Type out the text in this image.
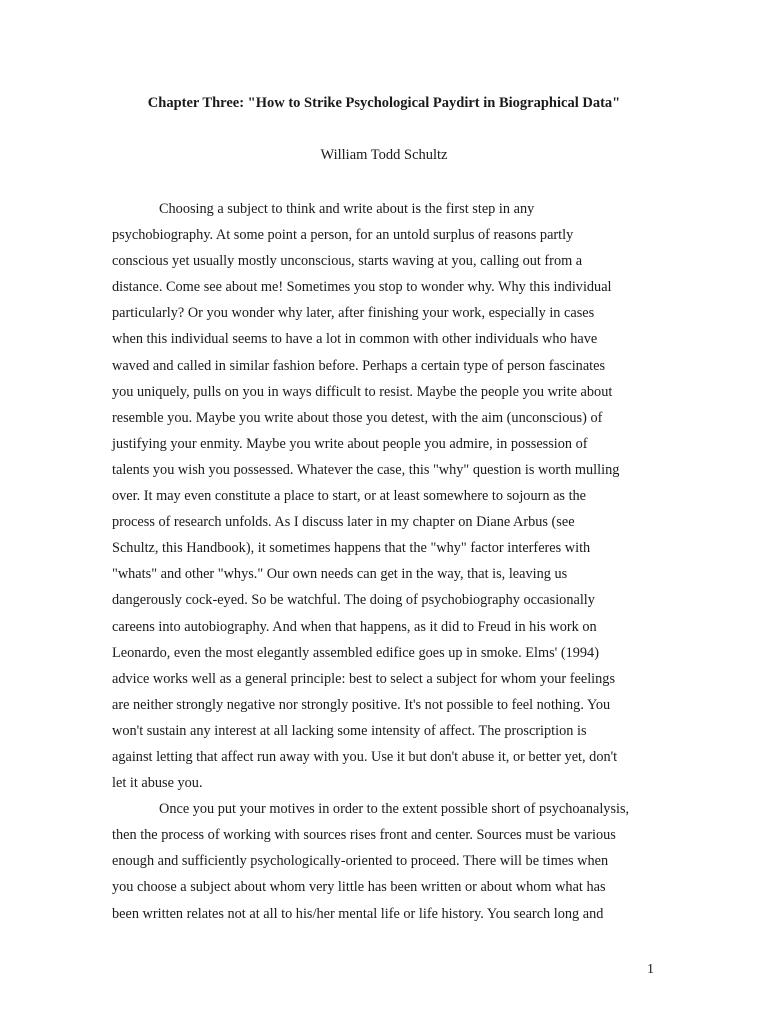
Chapter Three: "How to Strike Psychological Paydirt in Biographical Data"
William Todd Schultz
Choosing a subject to think and write about is the first step in any
psychobiography. At some point a person, for an untold surplus of reasons partly
conscious yet usually mostly unconscious, starts waving at you, calling out from a
distance. Come see about me! Sometimes you stop to wonder why. Why this individual
particularly? Or you wonder why later, after finishing your work, especially in cases
when this individual seems to have a lot in common with other individuals who have
waved and called in similar fashion before. Perhaps a certain type of person fascinates
you uniquely, pulls on you in ways difficult to resist. Maybe the people you write about
resemble you. Maybe you write about those you detest, with the aim (unconscious) of
justifying your enmity. Maybe you write about people you admire, in possession of
talents you wish you possessed. Whatever the case, this "why" question is worth mulling
over. It may even constitute a place to start, or at least somewhere to sojourn as the
process of research unfolds. As I discuss later in my chapter on Diane Arbus (see
Schultz, this Handbook), it sometimes happens that the "why" factor interferes with
"whats" and other "whys." Our own needs can get in the way, that is, leaving us
dangerously cock-eyed. So be watchful. The doing of psychobiography occasionally
careens into autobiography. And when that happens, as it did to Freud in his work on
Leonardo, even the most elegantly assembled edifice goes up in smoke. Elms' (1994)
advice works well as a general principle: best to select a subject for whom your feelings
are neither strongly negative nor strongly positive. It's not possible to feel nothing. You
won't sustain any interest at all lacking some intensity of affect. The proscription is
against letting that affect run away with you. Use it but don't abuse it, or better yet, don't
let it abuse you.
Once you put your motives in order to the extent possible short of psychoanalysis,
then the process of working with sources rises front and center. Sources must be various
enough and sufficiently psychologically-oriented to proceed. There will be times when
you choose a subject about whom very little has been written or about whom what has
been written relates not at all to his/her mental life or life history. You search long and
1
